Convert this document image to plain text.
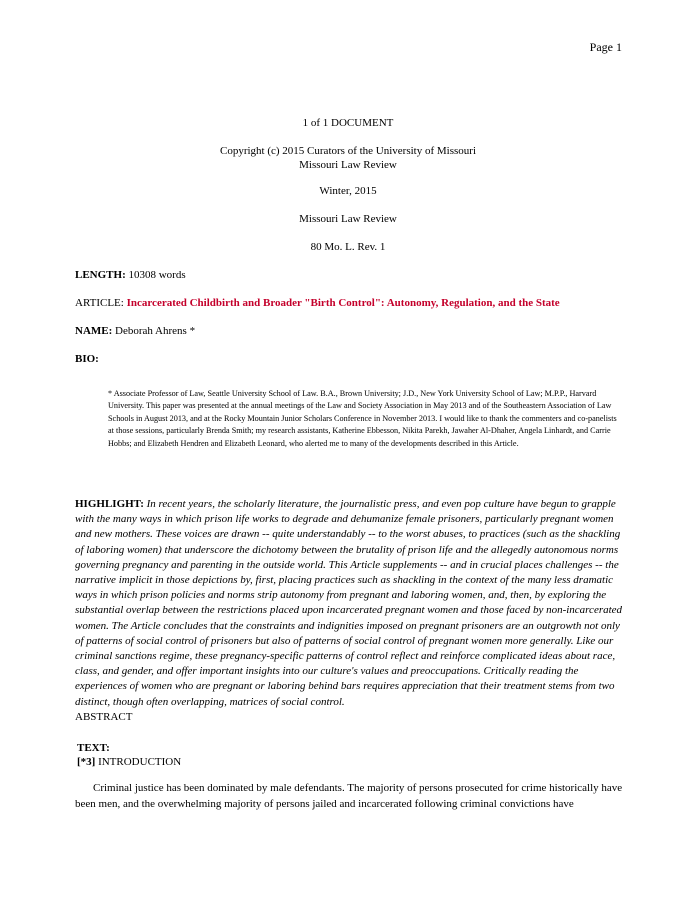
Page 1
1 of 1 DOCUMENT
Copyright (c) 2015 Curators of the University of Missouri
Missouri Law Review
Winter, 2015
Missouri Law Review
80 Mo. L. Rev. 1
LENGTH: 10308 words
ARTICLE: Incarcerated Childbirth and Broader "Birth Control": Autonomy, Regulation, and the State
NAME: Deborah Ahrens *
BIO:
* Associate Professor of Law, Seattle University School of Law. B.A., Brown University; J.D., New York University School of Law; M.P.P., Harvard University. This paper was presented at the annual meetings of the Law and Society Association in May 2013 and of the Southeastern Association of Law Schools in August 2013, and at the Rocky Mountain Junior Scholars Conference in November 2013. I would like to thank the commenters and co-panelists at those sessions, particularly Brenda Smith; my research assistants, Katherine Ebbesson, Nikita Parekh, Jawaher Al-Dhaher, Angela Linhardt, and Carrie Hobbs; and Elizabeth Hendren and Elizabeth Leonard, who alerted me to many of the developments described in this Article.
HIGHLIGHT: In recent years, the scholarly literature, the journalistic press, and even pop culture have begun to grapple with the many ways in which prison life works to degrade and dehumanize female prisoners, particularly pregnant women and new mothers. These voices are drawn -- quite understandably -- to the worst abuses, to practices (such as the shackling of laboring women) that underscore the dichotomy between the brutality of prison life and the allegedly autonomous norms governing pregnancy and parenting in the outside world. This Article supplements -- and in crucial places challenges -- the narrative implicit in those depictions by, first, placing practices such as shackling in the context of the many less dramatic ways in which prison policies and norms strip autonomy from pregnant and laboring women, and, then, by exploring the substantial overlap between the restrictions placed upon incarcerated pregnant women and those faced by non-incarcerated women. The Article concludes that the constraints and indignities imposed on pregnant prisoners are an outgrowth not only of patterns of social control of prisoners but also of patterns of social control of pregnant women more generally. Like our criminal sanctions regime, these pregnancy-specific patterns of control reflect and reinforce complicated ideas about race, class, and gender, and offer important insights into our culture's values and preoccupations. Critically reading the experiences of women who are pregnant or laboring behind bars requires appreciation that their treatment stems from two distinct, though often overlapping, matrices of social control.
ABSTRACT
TEXT:
[*3] INTRODUCTION
Criminal justice has been dominated by male defendants. The majority of persons prosecuted for crime historically have been men, and the overwhelming majority of persons jailed and incarcerated following criminal convictions have
